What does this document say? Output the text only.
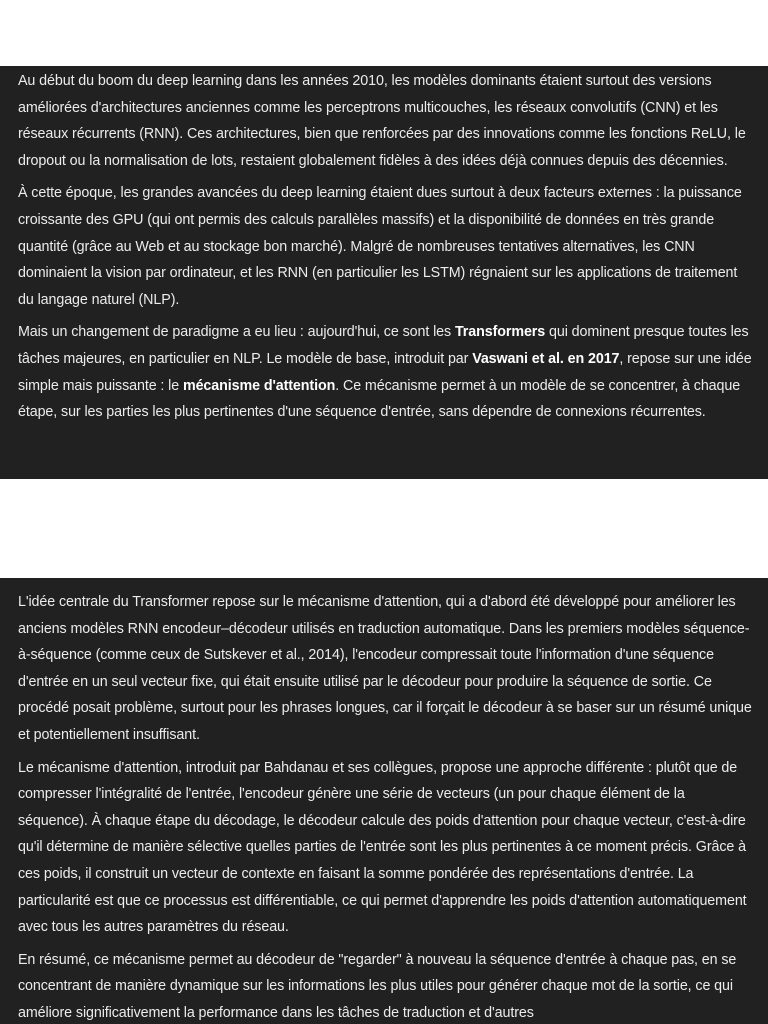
Au début du boom du deep learning dans les années 2010, les modèles dominants étaient surtout des versions améliorées d'architectures anciennes comme les perceptrons multicouches, les réseaux convolutifs (CNN) et les réseaux récurrents (RNN). Ces architectures, bien que renforcées par des innovations comme les fonctions ReLU, le dropout ou la normalisation de lots, restaient globalement fidèles à des idées déjà connues depuis des décennies.

À cette époque, les grandes avancées du deep learning étaient dues surtout à deux facteurs externes : la puissance croissante des GPU (qui ont permis des calculs parallèles massifs) et la disponibilité de données en très grande quantité (grâce au Web et au stockage bon marché). Malgré de nombreuses tentatives alternatives, les CNN dominaient la vision par ordinateur, et les RNN (en particulier les LSTM) régnaient sur les applications de traitement du langage naturel (NLP).

Mais un changement de paradigme a eu lieu : aujourd'hui, ce sont les Transformers qui dominent presque toutes les tâches majeures, en particulier en NLP. Le modèle de base, introduit par Vaswani et al. en 2017, repose sur une idée simple mais puissante : le mécanisme d'attention. Ce mécanisme permet à un modèle de se concentrer, à chaque étape, sur les parties les plus pertinentes d'une séquence d'entrée, sans dépendre de connexions récurrentes.

L'idée centrale du Transformer repose sur le mécanisme d'attention, qui a d'abord été développé pour améliorer les anciens modèles RNN encodeur–décodeur utilisés en traduction automatique. Dans les premiers modèles séquence-à-séquence (comme ceux de Sutskever et al., 2014), l'encodeur compressait toute l'information d'une séquence d'entrée en un seul vecteur fixe, qui était ensuite utilisé par le décodeur pour produire la séquence de sortie. Ce procédé posait problème, surtout pour les phrases longues, car il forçait le décodeur à se baser sur un résumé unique et potentiellement insuffisant.

Le mécanisme d'attention, introduit par Bahdanau et ses collègues, propose une approche différente : plutôt que de compresser l'intégralité de l'entrée, l'encodeur génère une série de vecteurs (un pour chaque élément de la séquence). À chaque étape du décodage, le décodeur calcule des poids d'attention pour chaque vecteur, c'est-à-dire qu'il détermine de manière sélective quelles parties de l'entrée sont les plus pertinentes à ce moment précis. Grâce à ces poids, il construit un vecteur de contexte en faisant la somme pondérée des représentations d'entrée. La particularité est que ce processus est différentiable, ce qui permet d'apprendre les poids d'attention automatiquement avec tous les autres paramètres du réseau.

En résumé, ce mécanisme permet au décodeur de "regarder" à nouveau la séquence d'entrée à chaque pas, en se concentrant de manière dynamique sur les informations les plus utiles pour générer chaque mot de la sortie, ce qui améliore significativement la performance dans les tâches de traduction et d'autres
